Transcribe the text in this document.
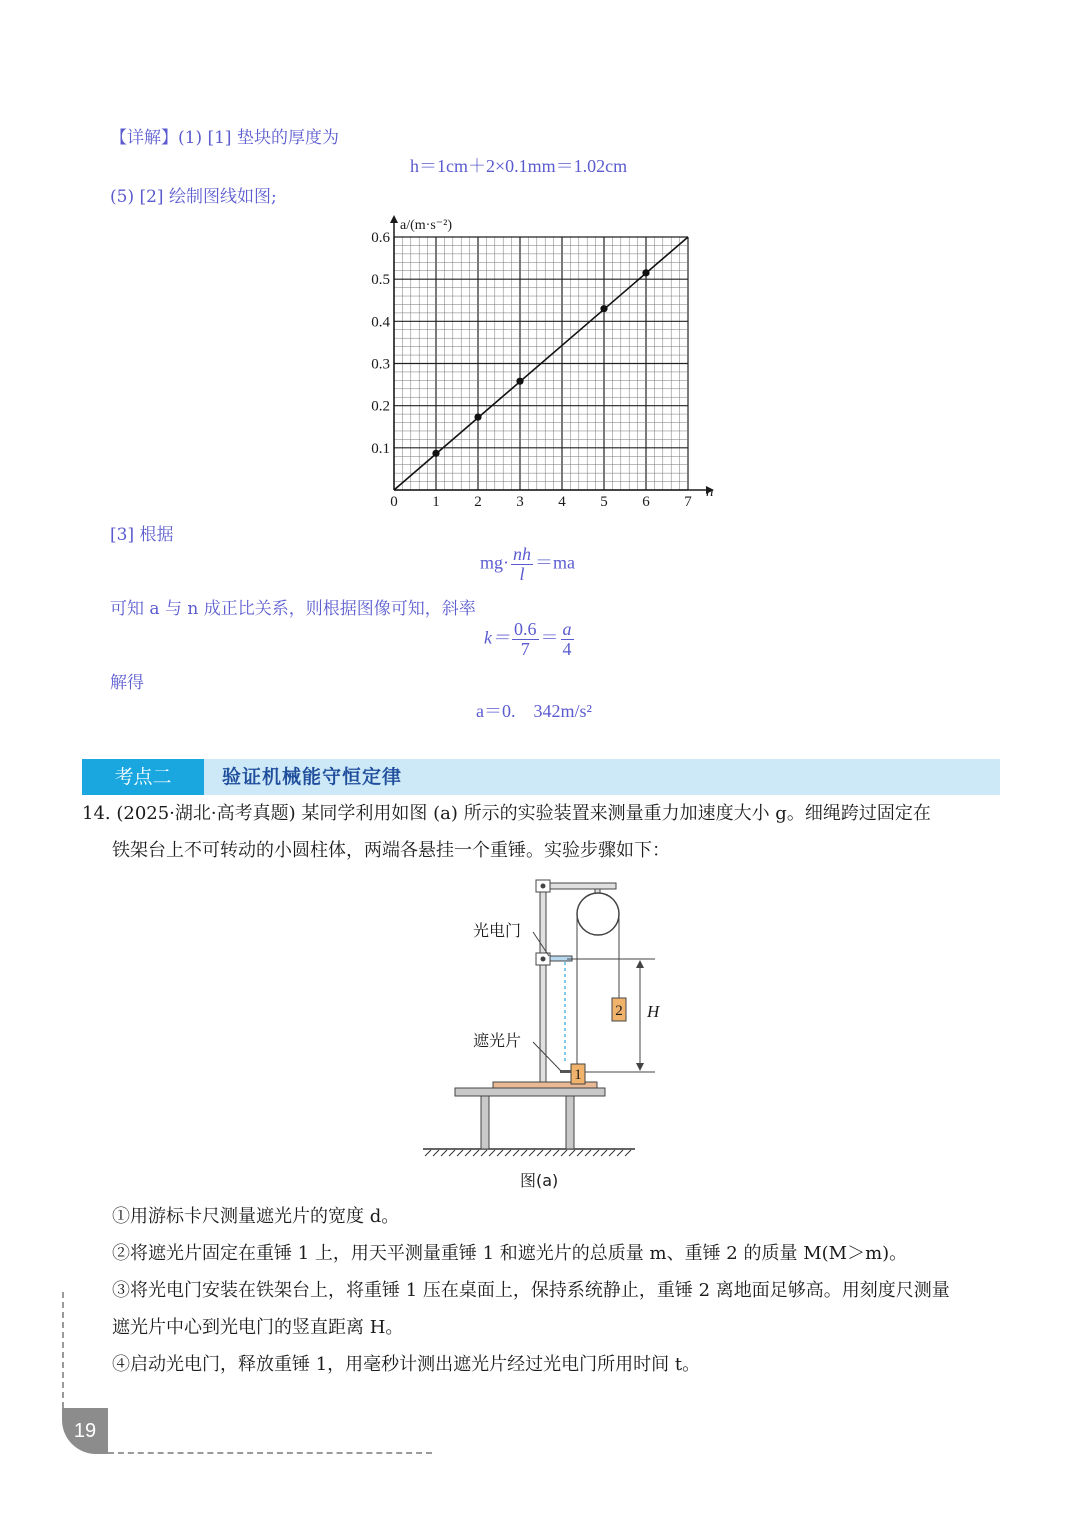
【详解】(1) [1] 垫块的厚度为
h＝1cm＋2×0.1mm＝1.02cm
(5) [2] 绘制图线如图;
0 1 2 3 4 5 6 7
0.1
0.2
0.3
0.4
0.5
0.6
a/(m·s⁻²)
n
[3] 根据
$mg\cdot \frac{nh}{l} =ma$
可知 a 与 n 成正比关系，则根据图像可知，斜率
$k= \frac{0.6}{7} = \frac{a}{4}$
解得
a＝0.　342m/s²
考点二	验证机械能守恒定律
14. (2025·湖北·高考真题) 某同学利用如图 (a) 所示的实验装置来测量重力加速度大小 g。细绳跨过固定在
铁架台上不可转动的小圆柱体，两端各悬挂一个重锤。实验步骤如下：
2
1
H
光电门
遮光片
图(a)
①用游标卡尺测量遮光片的宽度 d。
②将遮光片固定在重锤 1 上，用天平测量重锤 1 和遮光片的总质量 m、重锤 2 的质量 M(M＞m)。
③将光电门安装在铁架台上，将重锤 1 压在桌面上，保持系统静止，重锤 2 离地面足够高。用刻度尺测量
遮光片中心到光电门的竖直距离 H。
④启动光电门，释放重锤 1，用毫秒计测出遮光片经过光电门所用时间 t。
19
